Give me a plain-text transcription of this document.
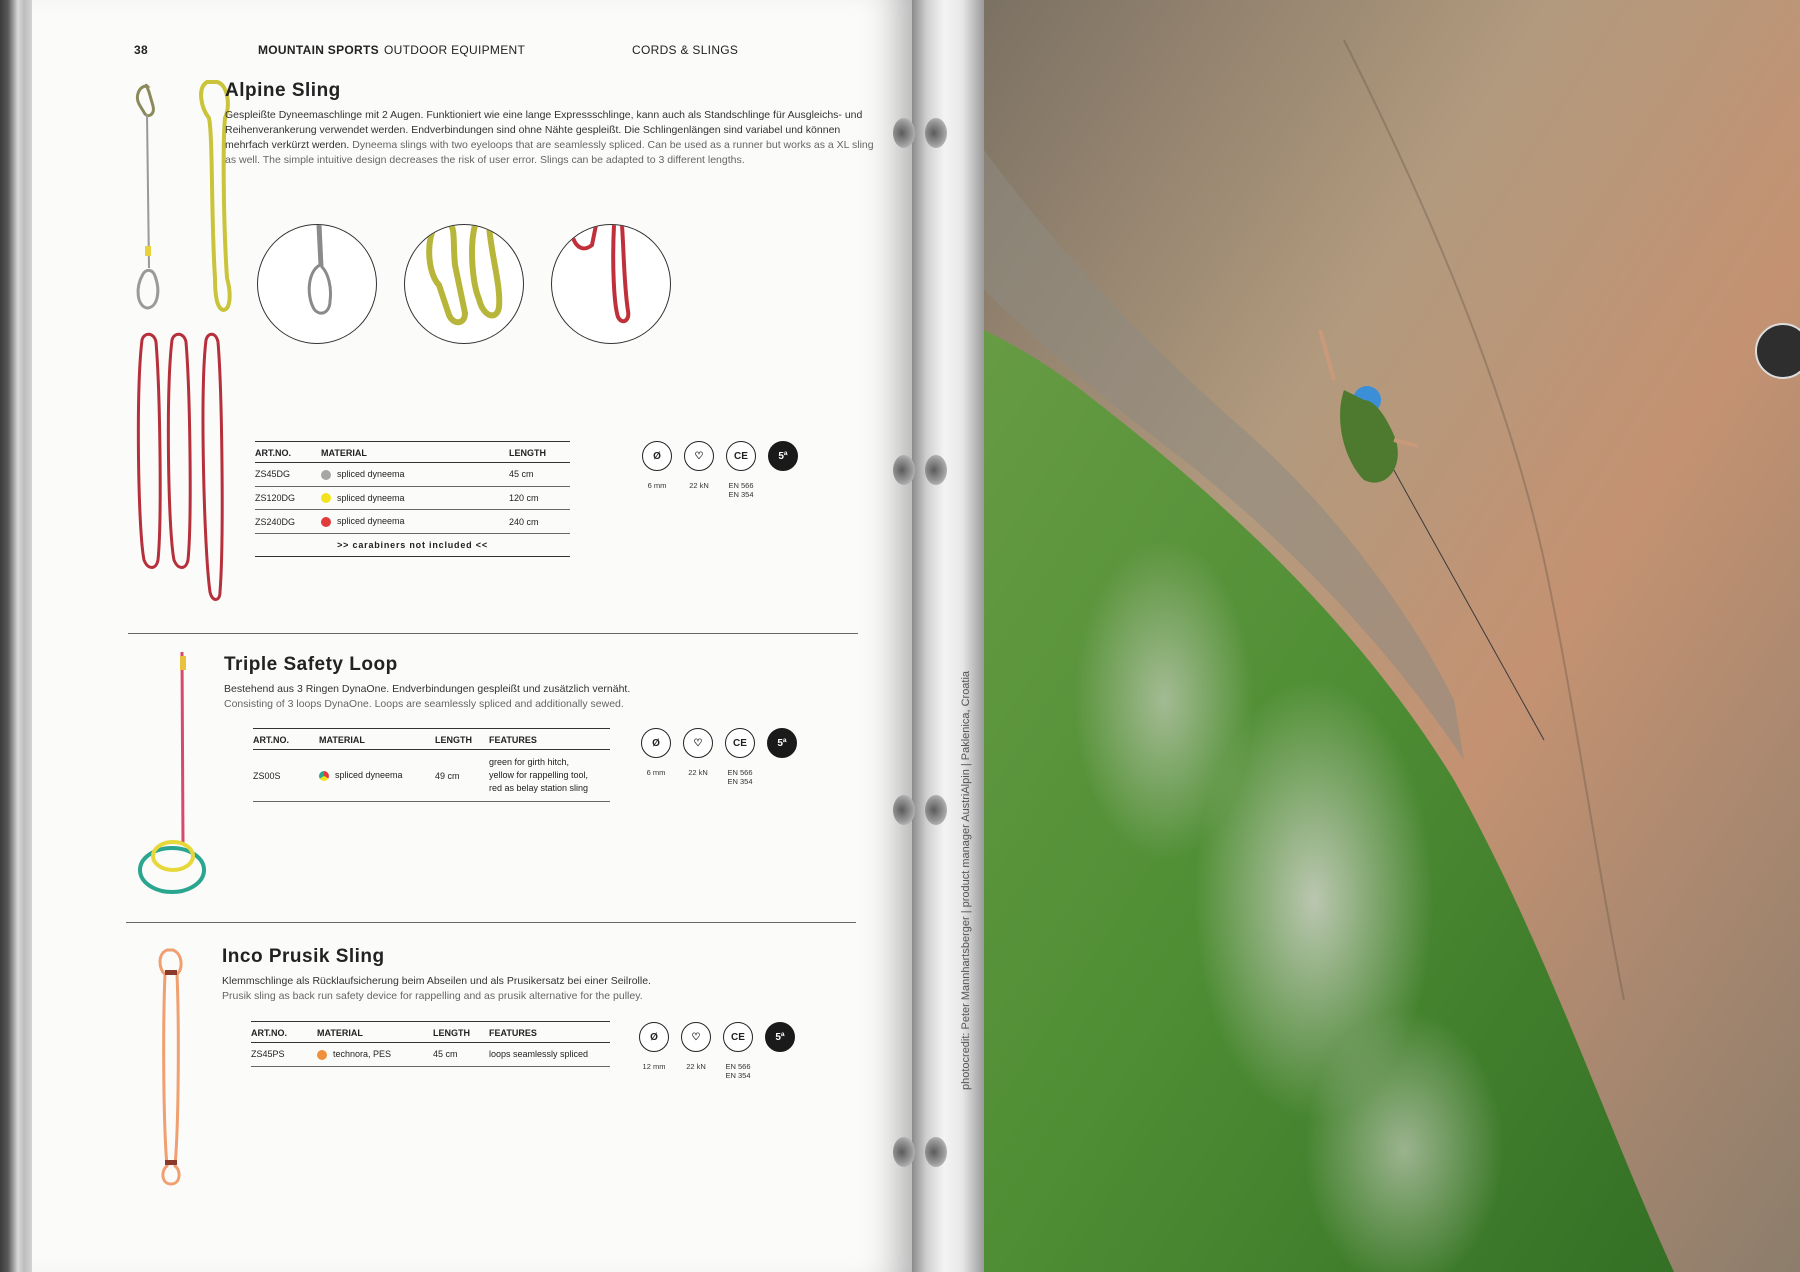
38	MOUNTAIN SPORTS OUTDOOR EQUIPMENT	CORDS & SLINGS
Alpine Sling
Gespleißte Dyneemaschlinge mit 2 Augen. Funktioniert wie eine lange Expressschlinge, kann auch als Standschlinge für Ausgleichs- und Reihenverankerung verwendet werden. Endverbindungen sind ohne Nähte gespleißt. Die Schlingenlängen sind variabel und können mehrfach verkürzt werden. Dyneema slings with two eyeloops that are seamlessly spliced. Can be used as a runner but works as a XL sling as well. The simple intuitive design decreases the risk of user error. Slings can be adapted to 3 different lengths.
ART.NO.	MATERIAL	LENGTH
ZS45DG	spliced dyneema	45 cm
ZS120DG	spliced dyneema	120 cm
ZS240DG	spliced dyneema	240 cm
>> carabiners not included <<		
Ø	♡	CE	5ª
6 mm	22 kN	EN 566
EN 354
Triple Safety Loop
Bestehend aus 3 Ringen DynaOne. Endverbindungen gespleißt und zusätzlich vernäht.
Consisting of 3 loops DynaOne. Loops are seamlessly spliced and additionally sewed.
ART.NO.	MATERIAL	LENGTH	FEATURES
ZS00S	spliced dyneema	49 cm	green for girth hitch,
yellow for rappelling tool,
red as belay station sling
Ø	♡	CE	5ª
6 mm	22 kN	EN 566
EN 354
Inco Prusik Sling
Klemmschlinge als Rücklaufsicherung beim Abseilen und als Prusikersatz bei einer Seilrolle.
Prusik sling as back run safety device for rappelling and as prusik alternative for the pulley.
ART.NO.	MATERIAL	LENGTH	FEATURES
ZS45PS	technora, PES	45 cm	loops seamlessly spliced
Ø	♡	CE	5ª
12 mm	22 kN	EN 566
EN 354	photocredit: Peter Mannhartsberger | product manager AustriAlpin | Paklenica, Croatia
